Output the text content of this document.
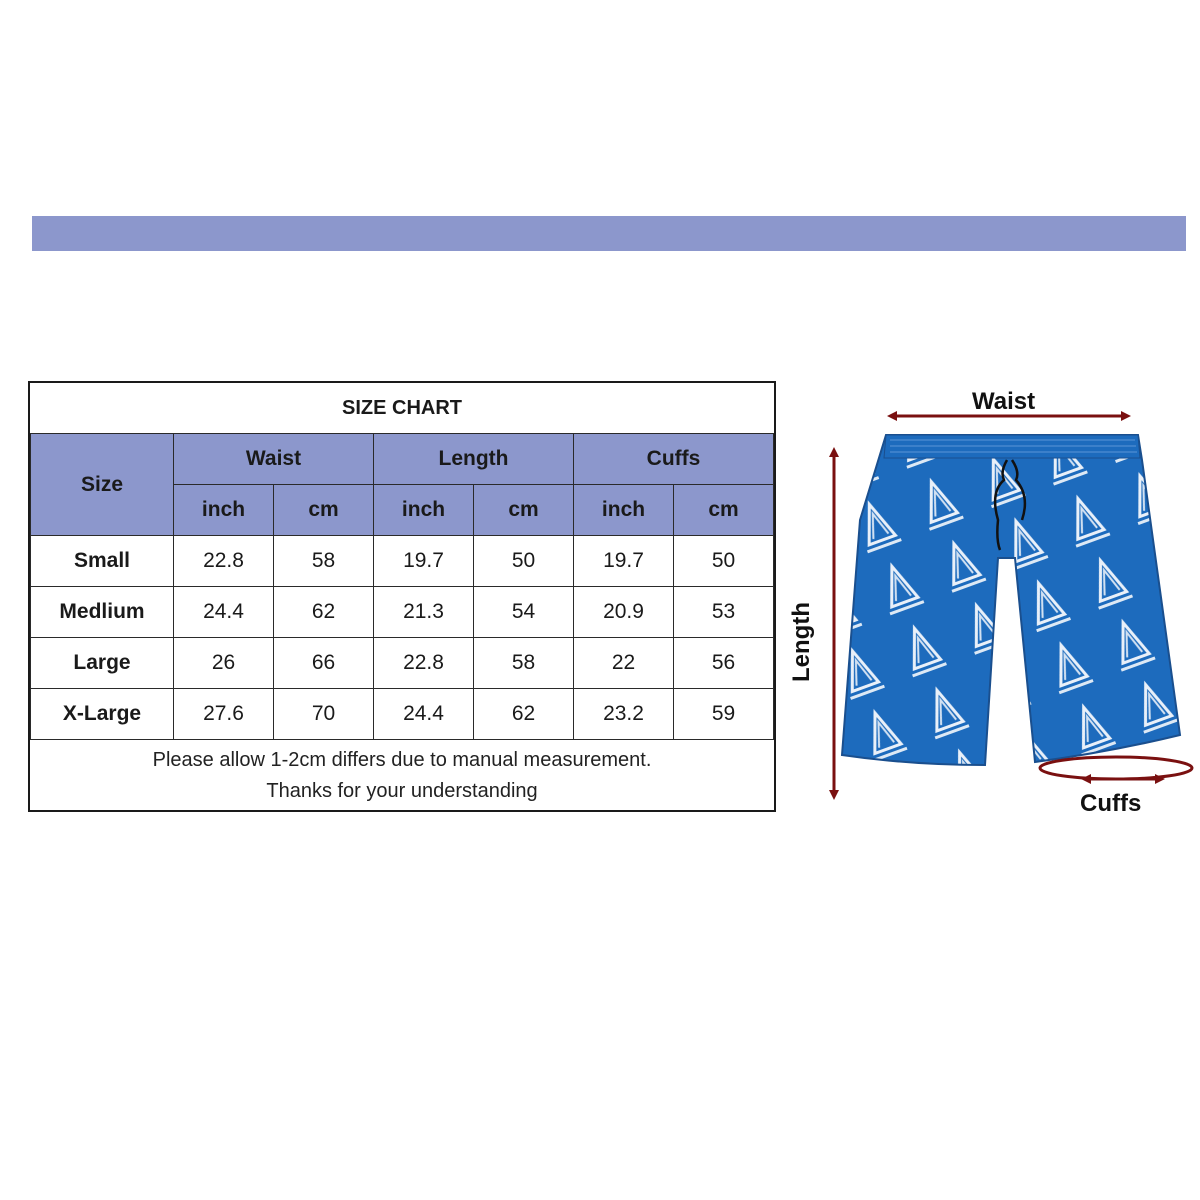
SIZE CHART						
Size	Waist		Length		Cuffs	
	inch	cm	inch	cm	inch	cm
Small	22.8	58	19.7	50	19.7	50
Medlium	24.4	62	21.3	54	20.9	53
Large	26	66	22.8	58	22	56
X-Large	27.6	70	24.4	62	23.2	59

Please allow 1-2cm differs due to manual measurement.
Thanks for your understanding						
Waist
Length
Cuffs
